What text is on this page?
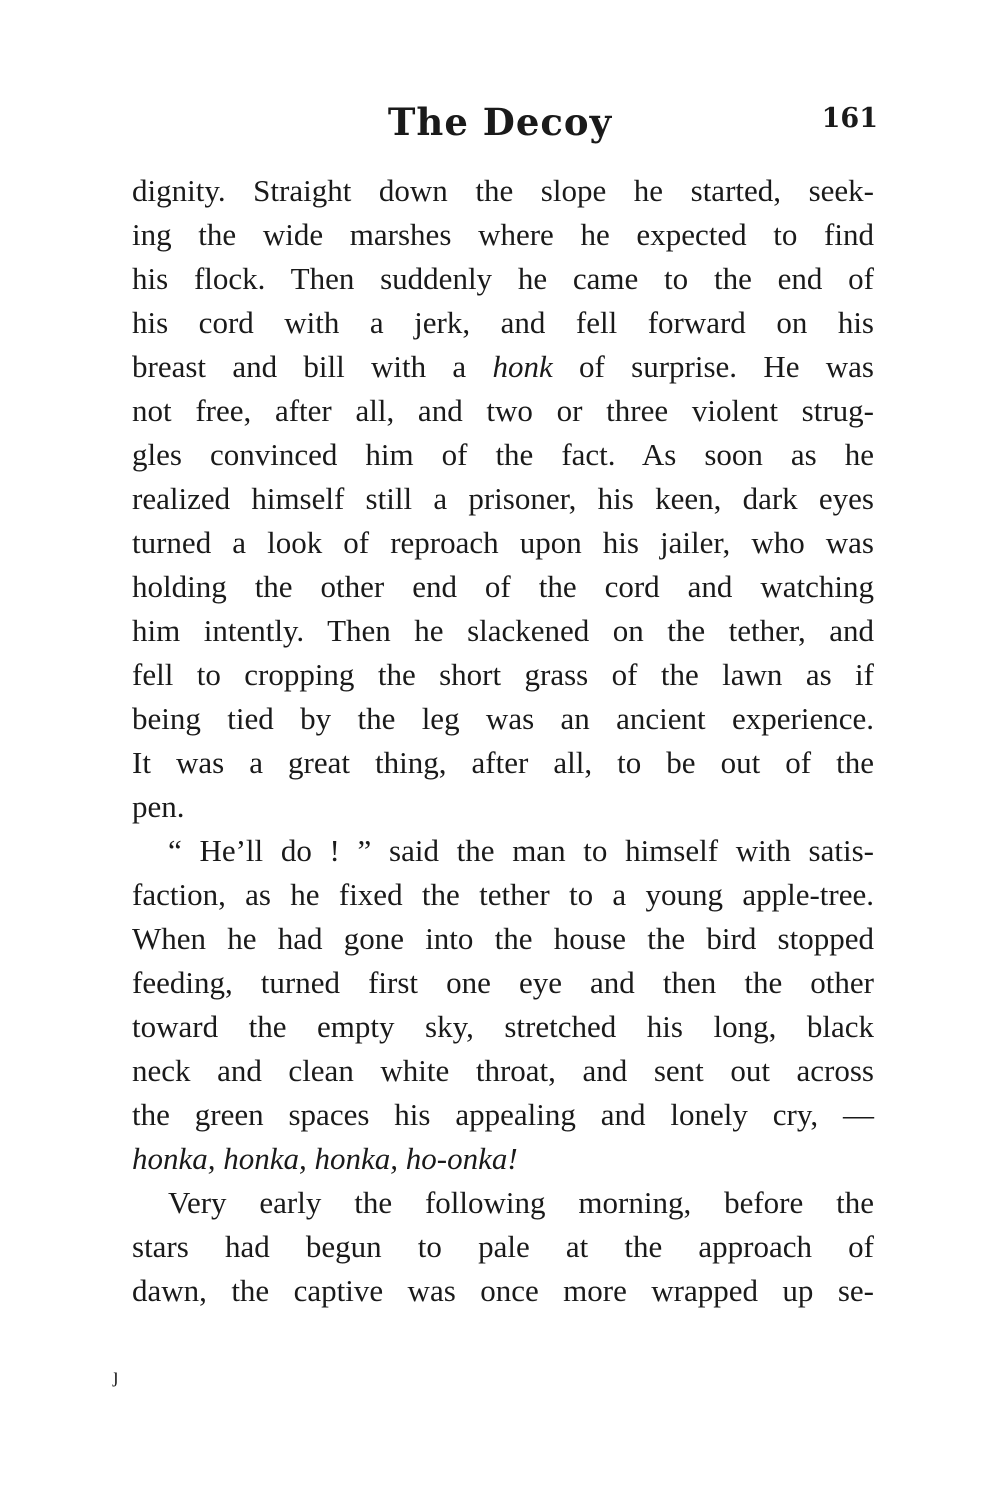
The Decoy	161
dignity. Straight down the slope he started, seek-
ing the wide marshes where he expected to find
his flock. Then suddenly he came to the end of
his cord with a jerk, and fell forward on his
breast and bill with a honk of surprise. He was
not free, after all, and two or three violent strug-
gles convinced him of the fact. As soon as he
realized himself still a prisoner, his keen, dark eyes
turned a look of reproach upon his jailer, who was
holding the other end of the cord and watching
him intently. Then he slackened on the tether, and
fell to cropping the short grass of the lawn as if
being tied by the leg was an ancient experience.
It was a great thing, after all, to be out of the
pen.
“ He’ll do ! ” said the man to himself with satis-
faction, as he fixed the tether to a young apple-tree.
When he had gone into the house the bird stopped
feeding, turned first one eye and then the other
toward the empty sky, stretched his long, black
neck and clean white throat, and sent out across
the green spaces his appealing and lonely cry, —
honka, honka, honka, ho-onka!
Very early the following morning, before the
stars had begun to pale at the approach of
dawn, the captive was once more wrapped up se-
ȷ
